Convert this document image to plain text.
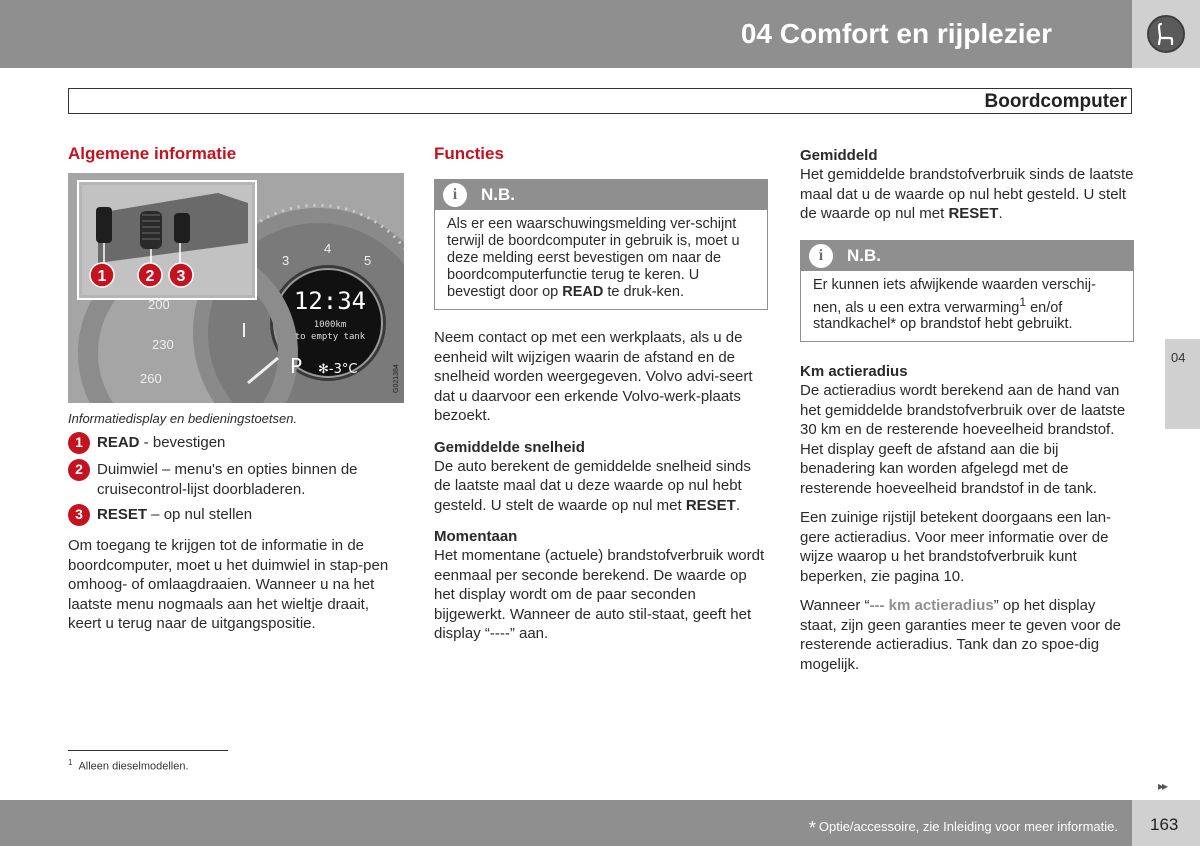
04 Comfort en rijplezier
Boordcomputer
Algemene informatie
1 2 3
200
230
260
3
4
5
12:34
1000km
to empty tank
P ✻-3°C	G021384
Informatiedisplay en bedieningstoetsen.
1 READ - bevestigen
2 Duimwiel – menu's en opties binnen de cruisecontrol-lijst doorbladeren.
3 RESET – op nul stellen

Om toegang te krijgen tot de informatie in de boordcomputer, moet u het duimwiel in stap-pen omhoog- of omlaagdraaien. Wanneer u na het laatste menu nogmaals aan het wieltje draait, keert u terug naar de uitgangspositie.

Functies
i	N.B.
Als er een waarschuwingsmelding ver-schijnt terwijl de boordcomputer in gebruik is, moet u deze melding eerst bevestigen om naar de boordcomputerfunctie terug te keren. U bevestigt door op READ te druk-ken.

Neem contact op met een werkplaats, als u de eenheid wilt wijzigen waarin de afstand en de snelheid worden weergegeven. Volvo advi-seert dat u daarvoor een erkende Volvo-werk-plaats bezoekt.

Gemiddelde snelheid

De auto berekent de gemiddelde snelheid sinds de laatste maal dat u deze waarde op nul hebt gesteld. U stelt de waarde op nul met RESET.

Momentaan

Het momentane (actuele) brandstofverbruik wordt eenmaal per seconde berekend. De waarde op het display wordt om de paar seconden bijgewerkt. Wanneer de auto stil-staat, geeft het display “----” aan.

Gemiddeld

Het gemiddelde brandstofverbruik sinds de laatste maal dat u de waarde op nul hebt gesteld. U stelt de waarde op nul met RESET.

i	N.B.
Er kunnen iets afwijkende waarden verschij-nen, als u een extra verwarming$^1$ en/of standkachel* op brandstof hebt gebruikt.
Km actieradius

De actieradius wordt berekend aan de hand van het gemiddelde brandstofverbruik over de laatste 30 km en de resterende hoeveelheid brandstof. Het display geeft de afstand aan die bij benadering kan worden afgelegd met de resterende hoeveelheid brandstof in de tank.

Een zuinige rijstijl betekent doorgaans een lan-gere actieradius. Voor meer informatie over de wijze waarop u het brandstofverbruik kunt beperken, zie pagina 10.

Wanneer “--- km actieradius” op het display staat, zijn geen garanties meer te geven voor de resterende actieradius. Tank dan zo spoe-dig mogelijk.

04
$^1$ Alleen dieselmodellen.
▸▸
* Optie/accessoire, zie Inleiding voor meer informatie. 163
